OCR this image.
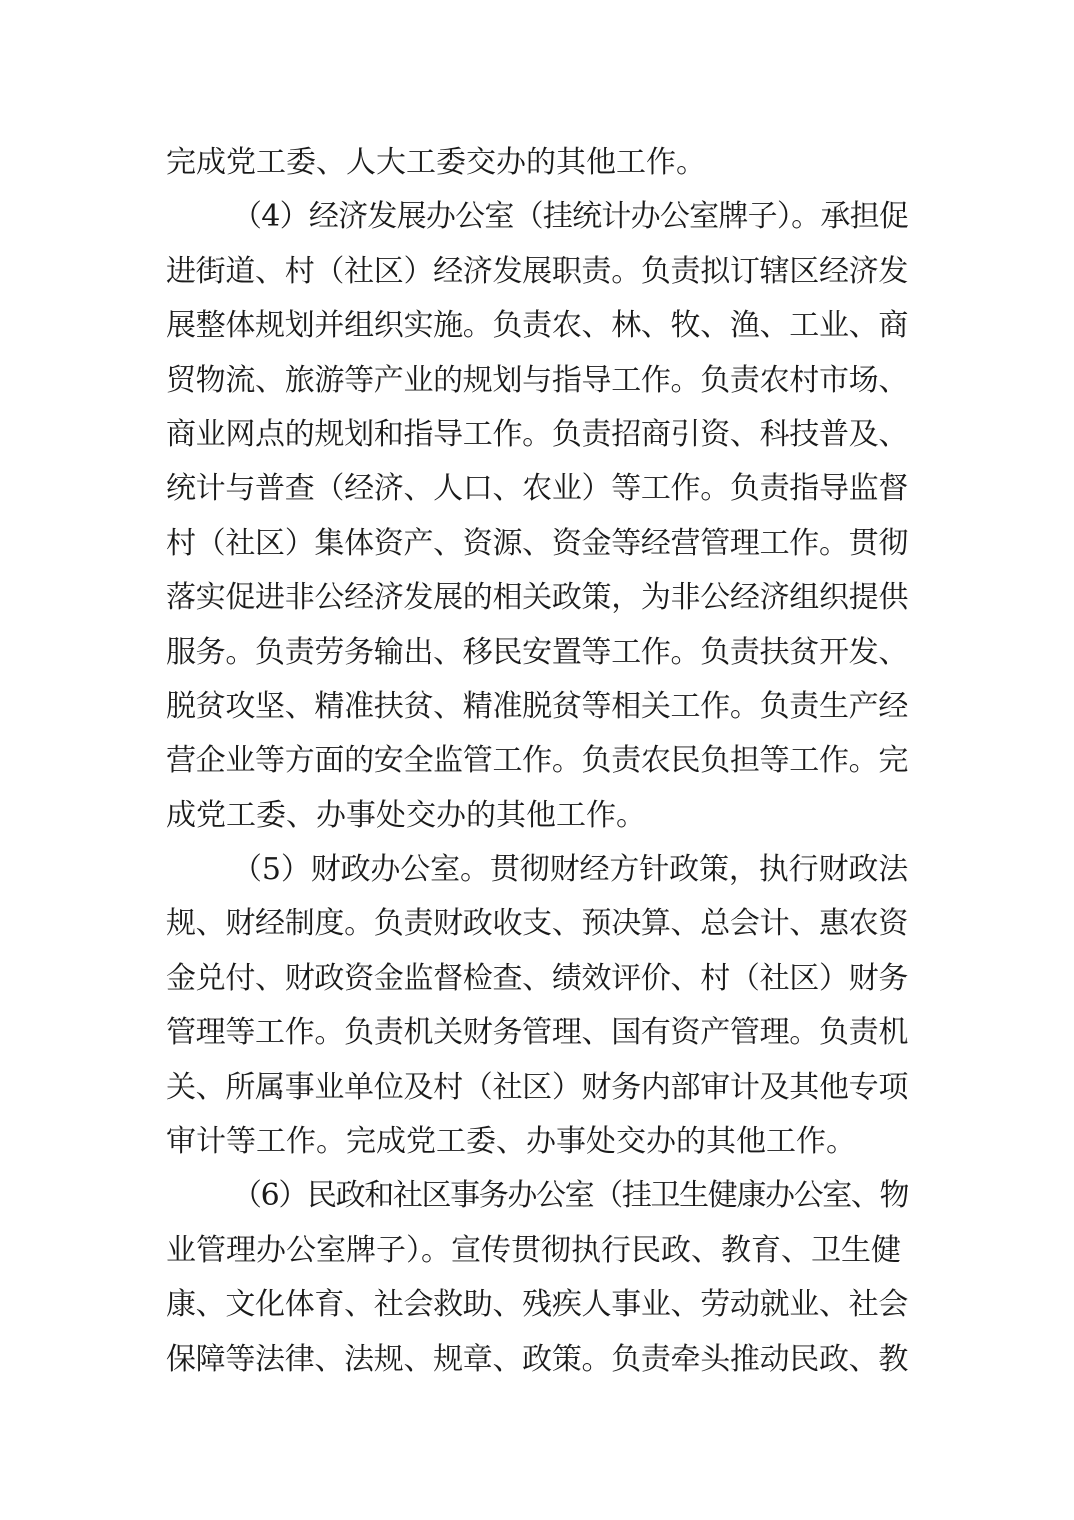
完成党工委、人大工委交办的其他工作。
（4）经济发展办公室（挂统计办公室牌子）。承担促
进街道、村（社区）经济发展职责。负责拟订辖区经济发
展整体规划并组织实施。负责农、林、牧、渔、工业、商
贸物流、旅游等产业的规划与指导工作。负责农村市场、
商业网点的规划和指导工作。负责招商引资、科技普及、
统计与普查（经济、人口、农业）等工作。负责指导监督
村（社区）集体资产、资源、资金等经营管理工作。贯彻
落实促进非公经济发展的相关政策，为非公经济组织提供
服务。负责劳务输出、移民安置等工作。负责扶贫开发、
脱贫攻坚、精准扶贫、精准脱贫等相关工作。负责生产经
营企业等方面的安全监管工作。负责农民负担等工作。完
成党工委、办事处交办的其他工作。
（5）财政办公室。贯彻财经方针政策，执行财政法
规、财经制度。负责财政收支、预决算、总会计、惠农资
金兑付、财政资金监督检查、绩效评价、村（社区）财务
管理等工作。负责机关财务管理、国有资产管理。负责机
关、所属事业单位及村（社区）财务内部审计及其他专项
审计等工作。完成党工委、办事处交办的其他工作。
（6）民政和社区事务办公室（挂卫生健康办公室、物
业管理办公室牌子）。宣传贯彻执行民政、教育、卫生健
康、文化体育、社会救助、残疾人事业、劳动就业、社会
保障等法律、法规、规章、政策。负责牵头推动民政、教
